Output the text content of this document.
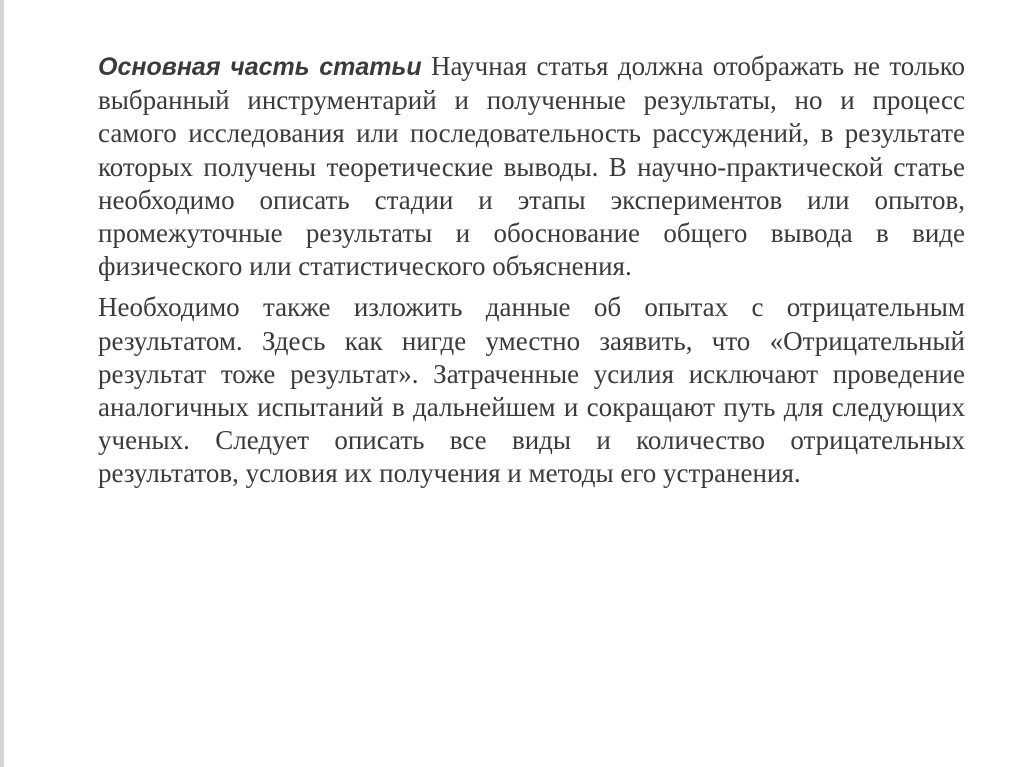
Основная часть статьи Научная статья должна отображать не только выбранный инструментарий и полученные результаты, но и процесс самого исследования или последовательность рассуждений, в результате которых получены теоретические выводы. В научно-практической статье необходимо описать стадии и этапы экспериментов или опытов, промежуточные результаты и обоснование общего вывода в виде физического или статистического объяснения.

Необходимо также изложить данные об опытах с отрицательным результатом. Здесь как нигде уместно заявить, что «Отрицательный результат тоже результат». Затраченные усилия исключают проведение аналогичных испытаний в дальнейшем и сокращают путь для следующих ученых. Следует описать все виды и количество отрицательных результатов, условия их получения и методы его устранения.
